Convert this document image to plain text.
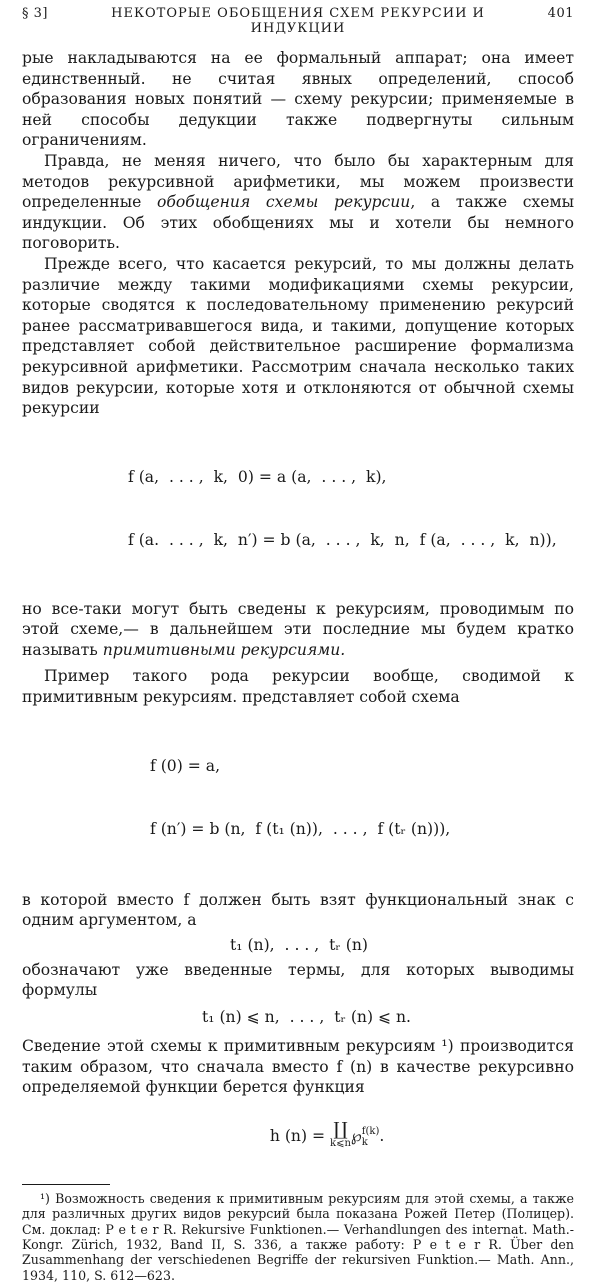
§ 3]	НЕКОТОРЫЕ ОБОБЩЕНИЯ СХЕМ РЕКУРСИИ И ИНДУКЦИИ
401

рые накладываются на ее формальный аппарат; она имеет единственный. не считая явных определений, способ образования новых понятий — схему рекурсии; применяемые в ней способы дедукции также подвергнуты сильным ограничениям.

Правда, не меняя ничего, что было бы характерным для методов рекурсивной арифметики, мы можем произвести определенные обобщения схемы рекурсии, а также схемы индукции. Об этих обобщениях мы и хотели бы немного поговорить.

Прежде всего, что касается рекурсий, то мы должны делать различие между такими модификациями схемы рекурсии, которые сводятся к последовательному применению рекурсий ранее рассматривавшегося вида, и такими, допущение которых представляет собой действительное расширение формализма рекурсивной арифметики. Рассмотрим сначала несколько таких видов рекурсии, которые хотя и отклоняются от обычной схемы рекурсии

f (a,  . . . ,  k,  0) = a (a,  . . . ,  k),

f (a.  . . . ,  k,  n′) = b (a,  . . . ,  k,  n,  f (a,  . . . ,  k,  n)),

но все-таки могут быть сведены к рекурсиям, проводимым по этой схеме,— в дальнейшем эти последние мы будем кратко называть примитивными рекурсиями.

Пример такого рода рекурсии вообще, сводимой к примитивным рекурсиям. представляет собой схема

f (0) = a,

f (n′) = b (n,  f (t₁ (n)),  . . . ,  f (tᵣ (n))),

в которой вместо f должен быть взят функциональный знак с одним аргументом, а

t₁ (n),  . . . ,  tᵣ (n)

обозначают уже введенные термы, для которых выводимы формулы

t₁ (n) ⩽ n,  . . . ,  tᵣ (n) ⩽ n.

Сведение этой схемы к примитивным рекурсиям ¹) производится таким образом, что сначала вместо f (n) в качестве рекурсивно определяемой функции берется функция

h (n) = ∐
k⩽n ℘ f(k)
k .

¹) Возможность сведения к примитивным рекурсиям для этой схемы, а также для различных других видов рекурсий была показана Рожей Петер (Полицер). См. доклад: P e t e r R. Rekursive Funktionen.— Verhandlungen des internat. Math.-Kongr. Zürich, 1932, Band II, S. 336, а также работу: P e t e r R. Über den Zusammenhang der verschiedenen Begriffe der rekursiven Funktion.— Math. Ann., 1934, 110, S. 612—623.
